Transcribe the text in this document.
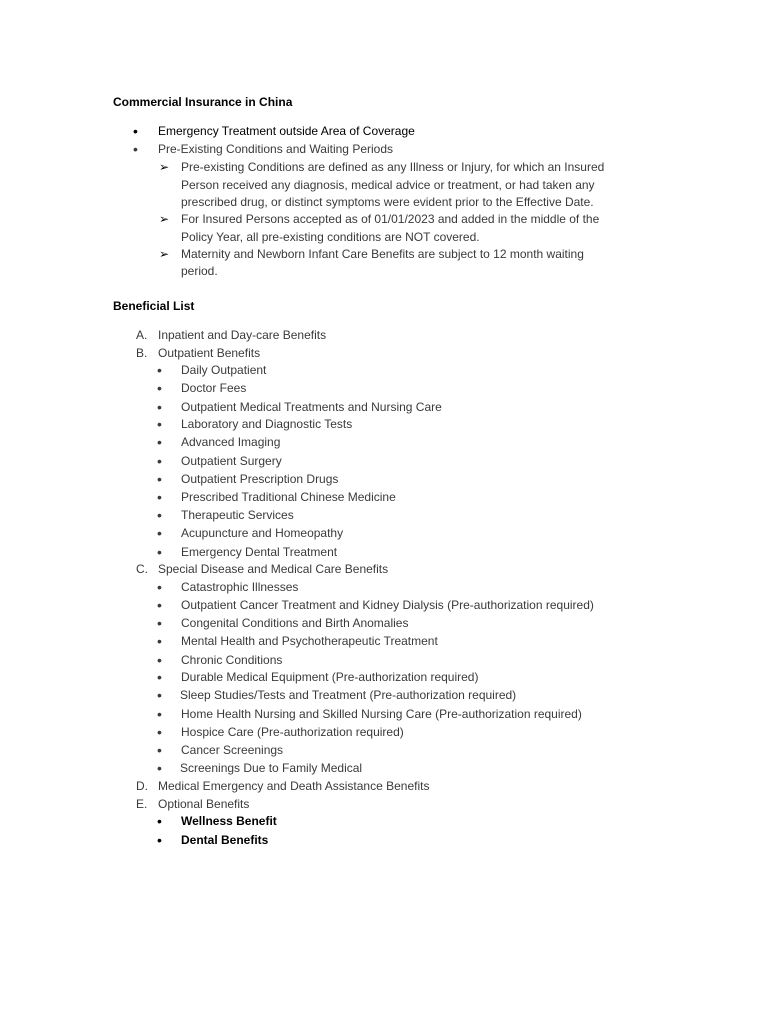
Commercial Insurance in China
• Emergency Treatment outside Area of Coverage
• Pre-Existing Conditions and Waiting Periods
➢ Pre-existing Conditions are defined as any Illness or Injury, for which an Insured
Person received any diagnosis, medical advice or treatment, or had taken any
prescribed drug, or distinct symptoms were evident prior to the Effective Date.
➢ For Insured Persons accepted as of 01/01/2023 and added in the middle of the
Policy Year, all pre-existing conditions are NOT covered.
➢ Maternity and Newborn Infant Care Benefits are subject to 12 month waiting
period.
Beneficial List
A. Inpatient and Day-care Benefits
B. Outpatient Benefits
• Daily Outpatient
• Doctor Fees
• Outpatient Medical Treatments and Nursing Care
• Laboratory and Diagnostic Tests
• Advanced Imaging
• Outpatient Surgery
• Outpatient Prescription Drugs
• Prescribed Traditional Chinese Medicine
• Therapeutic Services
• Acupuncture and Homeopathy
• Emergency Dental Treatment
C. Special Disease and Medical Care Benefits
• Catastrophic Illnesses
• Outpatient Cancer Treatment and Kidney Dialysis (Pre-authorization required)
• Congenital Conditions and Birth Anomalies
• Mental Health and Psychotherapeutic Treatment
• Chronic Conditions
• Durable Medical Equipment (Pre-authorization required)
• Sleep Studies/Tests and Treatment (Pre-authorization required)
• Home Health Nursing and Skilled Nursing Care (Pre-authorization required)
• Hospice Care (Pre-authorization required)
• Cancer Screenings
• Screenings Due to Family Medical
D. Medical Emergency and Death Assistance Benefits
E. Optional Benefits
• Wellness Benefit
• Dental Benefits
